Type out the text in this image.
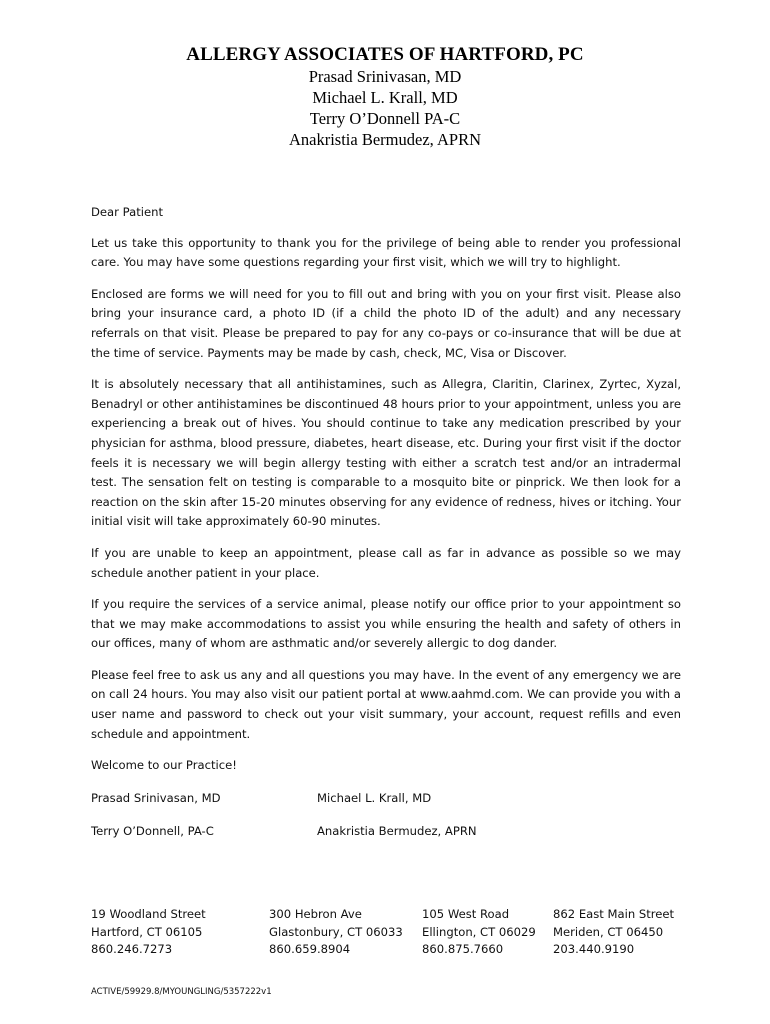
ALLERGY ASSOCIATES OF HARTFORD, PC
Prasad Srinivasan, MD
Michael L. Krall, MD
Terry O’Donnell PA-C
Anakristia Bermudez, APRN

Dear Patient

Let us take this opportunity to thank you for the privilege of being able to render you professional care. You may have some questions regarding your first visit, which we will try to highlight.

Enclosed are forms we will need for you to fill out and bring with you on your first visit. Please also bring your insurance card, a photo ID (if a child the photo ID of the adult) and any necessary referrals on that visit. Please be prepared to pay for any co-pays or co-insurance that will be due at the time of service. Payments may be made by cash, check, MC, Visa or Discover.

It is absolutely necessary that all antihistamines, such as Allegra, Claritin, Clarinex, Zyrtec, Xyzal, Benadryl or other antihistamines be discontinued 48 hours prior to your appointment, unless you are experiencing a break out of hives. You should continue to take any medication prescribed by your physician for asthma, blood pressure, diabetes, heart disease, etc. During your first visit if the doctor feels it is necessary we will begin allergy testing with either a scratch test and/or an intradermal test. The sensation felt on testing is comparable to a mosquito bite or pinprick. We then look for a reaction on the skin after 15-20 minutes observing for any evidence of redness, hives or itching. Your initial visit will take approximately 60-90 minutes.

If you are unable to keep an appointment, please call as far in advance as possible so we may schedule another patient in your place.

If you require the services of a service animal, please notify our office prior to your appointment so that we may make accommodations to assist you while ensuring the health and safety of others in our offices, many of whom are asthmatic and/or severely allergic to dog dander.

Please feel free to ask us any and all questions you may have. In the event of any emergency we are on call 24 hours. You may also visit our patient portal at www.aahmd.com. We can provide you with a user name and password to check out your visit summary, your account, request refills and even schedule and appointment.

Welcome to our Practice!

Prasad Srinivasan, MD	Michael L. Krall, MD
Terry O’Donnell, PA-C	Anakristia Bermudez, APRN
19 Woodland Street
Hartford, CT 06105
860.246.7273
300 Hebron Ave
Glastonbury, CT 06033
860.659.8904
105 West Road
Ellington, CT 06029
860.875.7660
862 East Main Street
Meriden, CT 06450
203.440.9190
ACTIVE/59929.8/MYOUNGLING/5357222v1
